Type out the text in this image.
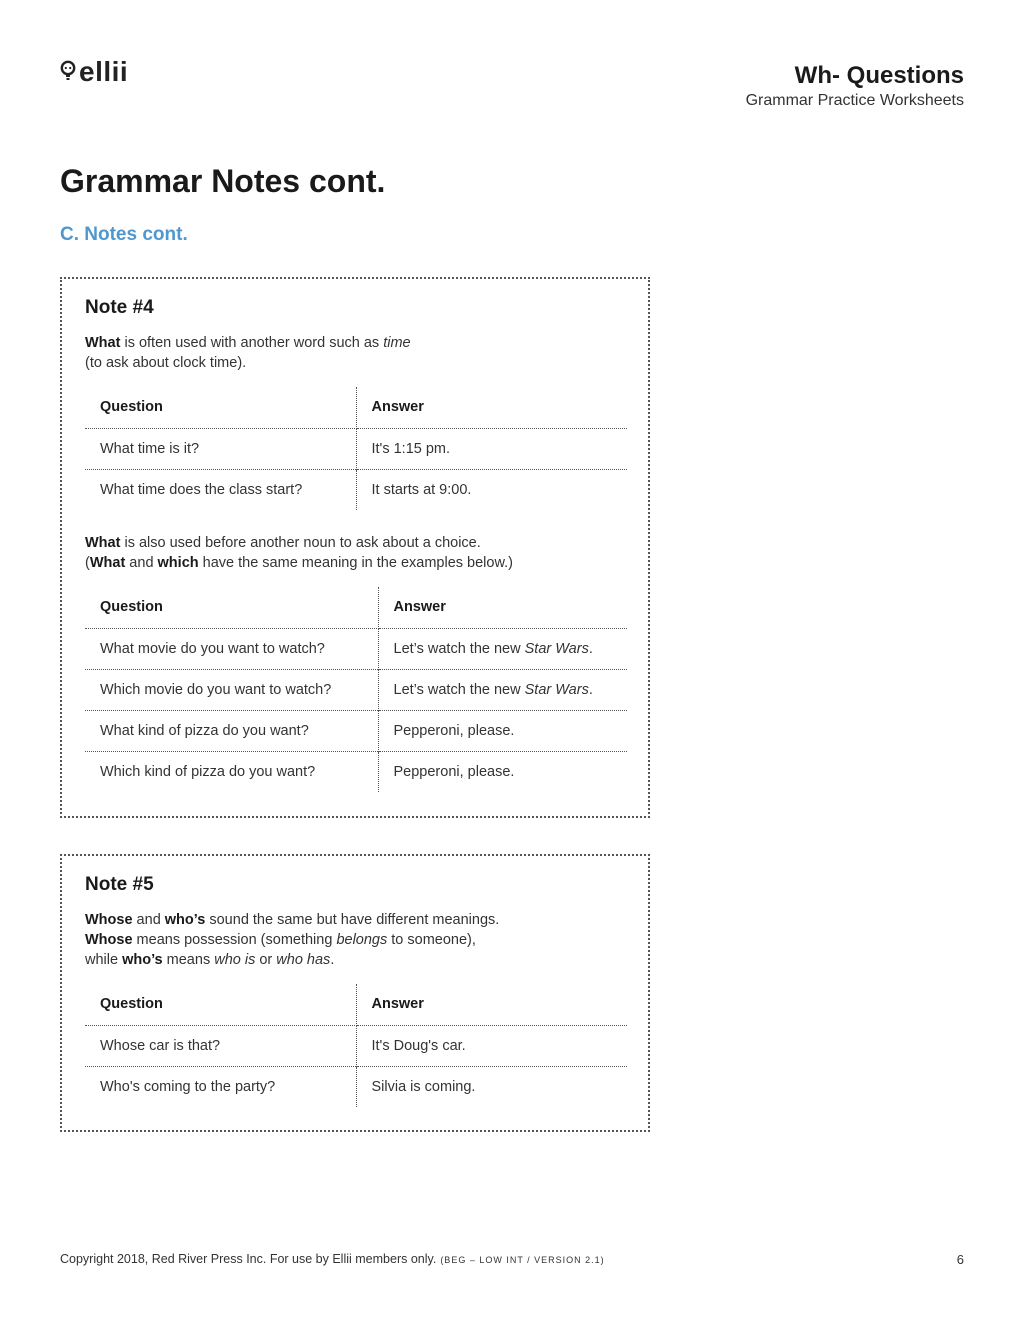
ellii	Wh- Questions
Grammar Practice Worksheets
Grammar Notes cont.
C. Notes cont.
Note #4

What is often used with another word such as time
(to ask about clock time).

Question	Answer
What time is it?	It's 1:15 pm.
What time does the class start?	It starts at 9:00.

What is also used before another noun to ask about a choice.
(What and which have the same meaning in the examples below.)

Question	Answer
What movie do you want to watch?	Let’s watch the new Star Wars.
Which movie do you want to watch?	Let’s watch the new Star Wars.
What kind of pizza do you want?	Pepperoni, please.
Which kind of pizza do you want?	Pepperoni, please.
Note #5

Whose and who’s sound the same but have different meanings.
Whose means possession (something belongs to someone),
while who’s means who is or who has.

Question	Answer
Whose car is that?	It's Doug's car.
Who's coming to the party?	Silvia is coming.
Copyright 2018, Red River Press Inc. For use by Ellii members only. (BEG – LOW INT / VERSION 2.1)	6
